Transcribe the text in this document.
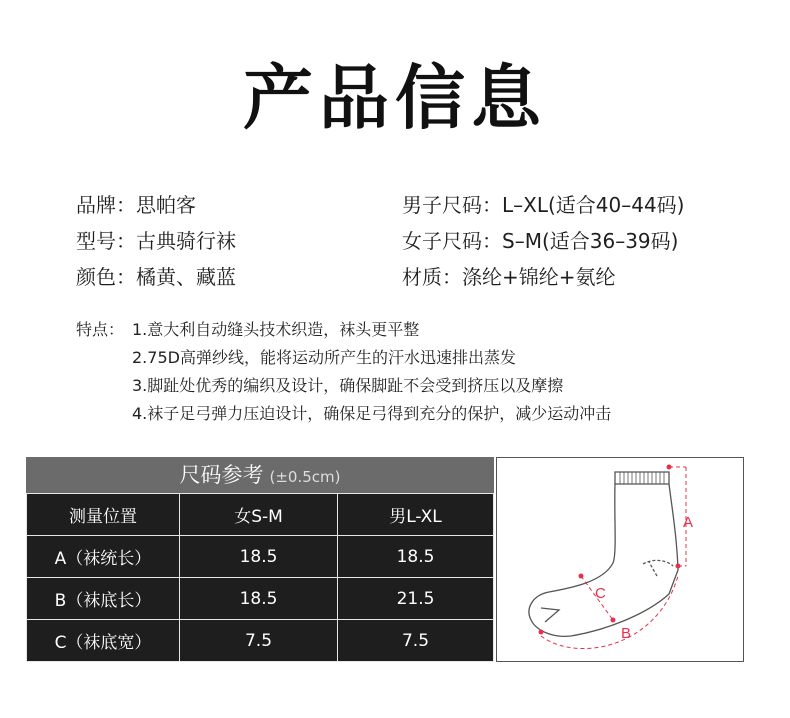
产品信息
品牌：思帕客
型号：古典骑行袜
颜色：橘黄、藏蓝
男子尺码：L–XL(适合40–44码)
女子尺码：S–M(适合36–39码)
材质：涤纶+锦纶+氨纶
特点： 1.意大利自动缝头技术织造，袜头更平整
2.75D高弹纱线，能将运动所产生的汗水迅速排出蒸发
3.脚趾处优秀的编织及设计，确保脚趾不会受到挤压以及摩擦
4.袜子足弓弹力压迫设计，确保足弓得到充分的保护，减少运动冲击
尺码参考 (±0.5cm)
测量位置	女S-M	男L-XL
A（袜统长）	18.5	18.5
B（袜底长）	18.5	21.5
C（袜底宽）	7.5	7.5
A
C
B
